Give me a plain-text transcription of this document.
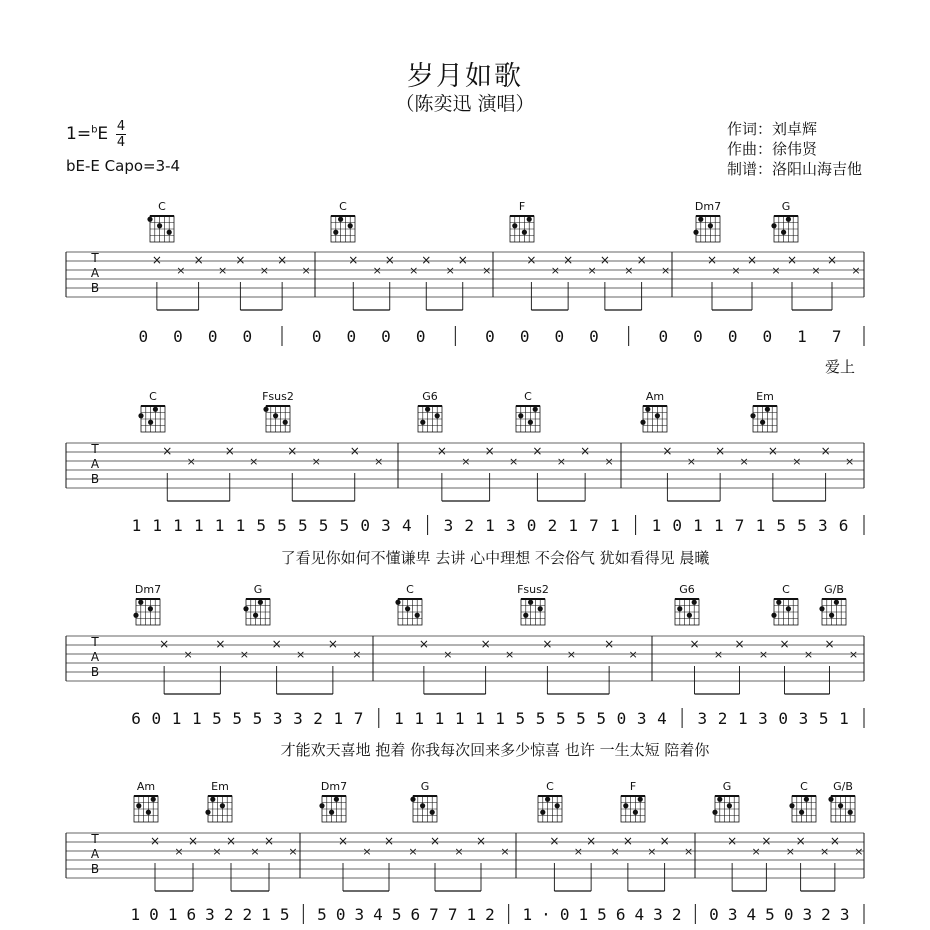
岁月如歌
（陈奕迅 演唱）
1=$^b$E 4
4
bE-E Capo=3-4
作词：刘卓辉
作曲：徐伟贤
制谱：洛阳山海吉他
T
A
B
C	C	F	Dm7	G
×
×
×
×
×
×
×
×
×
×
×
×
×
×
×
×
×
×
×
×
×
×
×
×
×
×
×
×
×
×
×
×
0 0 0 0	0 0 0 0	0 0 0 0	0 0 0 0 1 7
爱上
T
A
B
C	Fsus2	G6	C	Am	Em
×
×
×
×
×
×
×
×
×
×
×
×
×
×
×
×
×
×
×
×
×
×
×
×
1 1 1 1 1 1 5 5 5 5 5 0 3 4 3 2 1 3 0 2 1 7 1 1 0 1 1 7 1 5 5 3 6
了看见你如何不懂谦卑 去讲 心中理想 不会俗气 犹如看得见 晨曦
T
A
B
Dm7	G	C	Fsus2	G6	C	G/B
×
×
×
×
×
×
×
×
×
×
×
×
×
×
×
×
×
×
×
×
×
×
×
×
6 0 1 1 5 5 5 3 3 2 1 7 1 1 1 1 1 1 5 5 5 5 5 0 3 4 3 2 1 3 0 3 5 1
才能欢天喜地 抱着 你我每次回来多少惊喜 也许 一生太短 陪着你
T
A
B
Am	Em	Dm7	G	C	F	G	C G/B
×
×
×
×
×
×
×
×
×
×
×
×
×
×
×
×
×
×
×
×
×
×
×
×
×
×
×
×
×
×
×
×
1 0 1 6 3 2 2 1 5 5 0 3 4 5 6 7 7 1 2 1 · 0 1 5 6 4 3 2 0 3 4 5 0 3 2 3
